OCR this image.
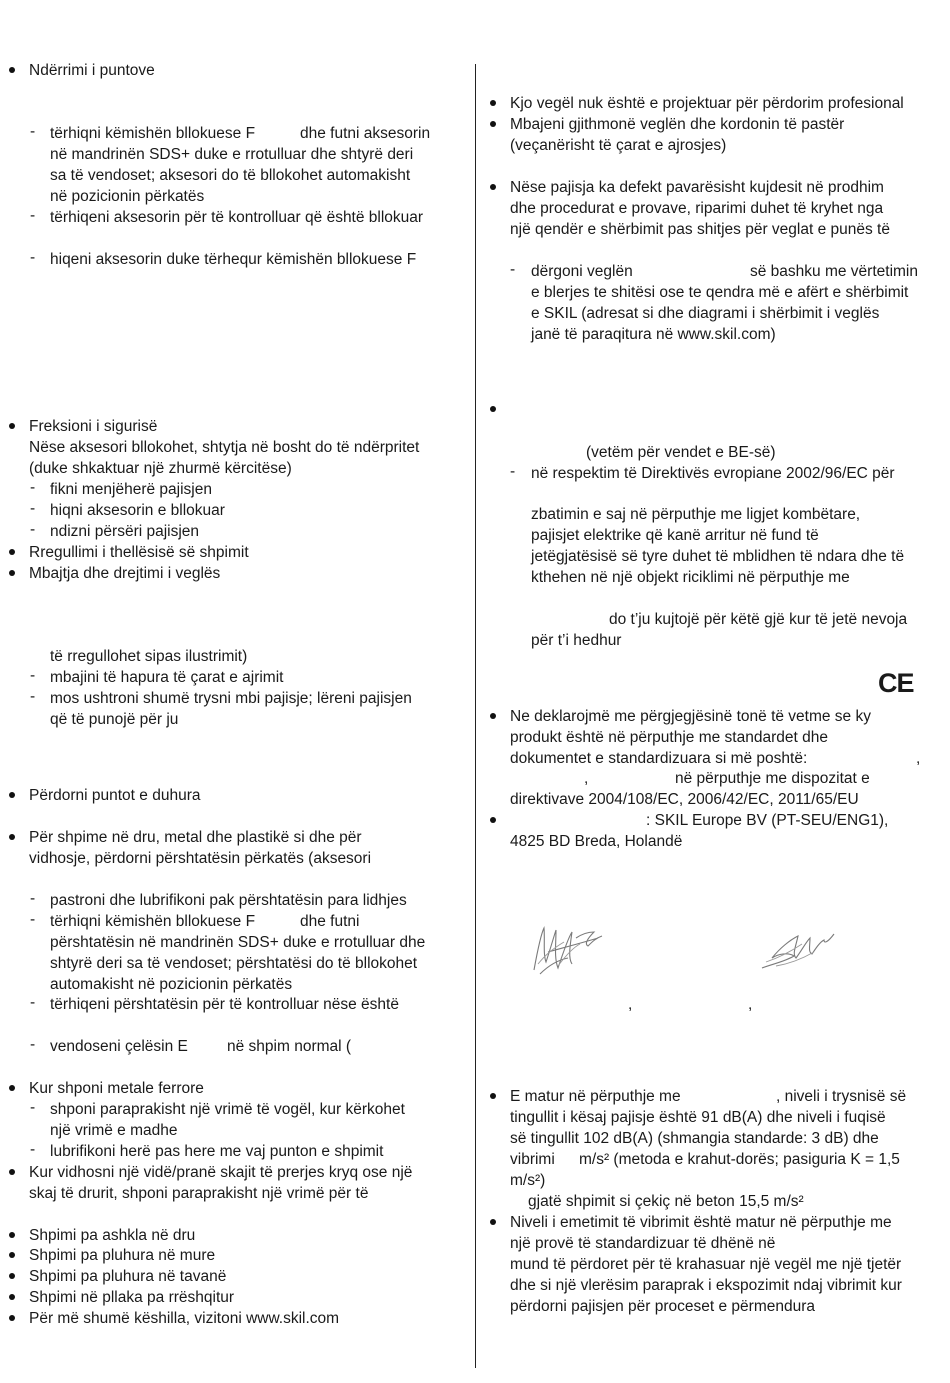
Ndërrimi i puntove
- tërhiqni këmishën bllokuese F	dhe futni aksesorin
në mandrinën SDS+ duke e rrotulluar dhe shtyrë deri
sa të vendoset; aksesori do të bllokohet automakisht
në pozicionin përkatës
- tërhiqeni aksesorin për të kontrolluar që është bllokuar
- hiqeni aksesorin duke tërhequr këmishën bllokuese F
Freksioni i sigurisë
Nëse aksesori bllokohet, shtytja në bosht do të ndërpritet
(duke shkaktuar një zhurmë kërcitëse)
- fikni menjëherë pajisjen
- hiqni aksesorin e bllokuar
- ndizni përsëri pajisjen
Rregullimi i thellësisë së shpimit
Mbajtja dhe drejtimi i veglës
të rregullohet sipas ilustrimit)
- mbajini të hapura të çarat e ajrimit
- mos ushtroni shumë trysni mbi pajisje; lëreni pajisjen
që të punojë për ju
Përdorni puntot e duhura
Për shpime në dru, metal dhe plastikë si dhe për
vidhosje, përdorni përshtatësin përkatës (aksesori
- pastroni dhe lubrifikoni pak përshtatësin para lidhjes
- tërhiqni këmishën bllokuese F	dhe futni
përshtatësin në mandrinën SDS+ duke e rrotulluar dhe
shtyrë deri sa të vendoset; përshtatësi do të bllokohet
automakisht në pozicionin përkatës
- tërhiqeni përshtatësin për të kontrolluar nëse është
- vendoseni çelësin E	në shpim normal (
Kur shponi metale ferrore
- shponi paraprakisht një vrimë të vogël, kur kërkohet
një vrimë e madhe
- lubrifikoni herë pas here me vaj punton e shpimit
Kur vidhosni një vidë/pranë skajit të prerjes kryq ose një
skaj të drurit, shponi paraprakisht një vrimë për të
Shpimi pa ashkla në dru
Shpimi pa pluhura në mure
Shpimi pa pluhura në tavanë
Shpimi në pllaka pa rrëshqitur
Për më shumë këshilla, vizitoni www.skil.com
Kjo vegël nuk është e projektuar për përdorim profesional
Mbajeni gjithmonë veglën dhe kordonin të pastër
(veçanërisht të çarat e ajrosjes)
Nëse pajisja ka defekt pavarësisht kujdesit në prodhim
dhe procedurat e provave, riparimi duhet të kryhet nga
një qendër e shërbimit pas shitjes për veglat e punës të
- dërgoni veglën	së bashku me vërtetimin
e blerjes te shitësi ose te qendra më e afërt e shërbimit
e SKIL (adresat si dhe diagrami i shërbimit i veglës
janë të paraqitura në www.skil.com)
(vetëm për vendet e BE-së)
- në respektim të Direktivës evropiane 2002/96/EC për
zbatimin e saj në përputhje me ligjet kombëtare,
pajisjet elektrike që kanë arritur në fund të
jetëgjatësisë së tyre duhet të mblidhen të ndara dhe të
kthehen në një objekt riciklimi në përputhje me
do t’ju kujtojë për këtë gjë kur të jetë nevoja
për t’i hedhur
CE
Ne deklarojmë me përgjegjësinë tonë të vetme se ky
produkt është në përputhje me standardet dhe
dokumentet e standardizuara si më poshtë:	,
,	në përputhje me dispozitat e
direktivave 2004/108/EC, 2006/42/EC, 2011/65/EU
: SKIL Europe BV (PT-SEU/ENG1),
4825 BD Breda, Holandë
,	,
E matur në përputhje me	, niveli i trysnisë së
tingullit i kësaj pajisje është 91 dB(A) dhe niveli i fuqisë
së tingullit 102 dB(A) (shmangia standarde: 3 dB) dhe
vibrimi m/s² (metoda e krahut-dorës; pasiguria K = 1,5
m/s²)
gjatë shpimit si çekiç në beton 15,5 m/s²
Niveli i emetimit të vibrimit është matur në përputhje me
një provë të standardizuar të dhënë në
mund të përdoret për të krahasuar një vegël me një tjetër
dhe si një vlerësim paraprak i ekspozimit ndaj vibrimit kur
përdorni pajisjen për proceset e përmendura
